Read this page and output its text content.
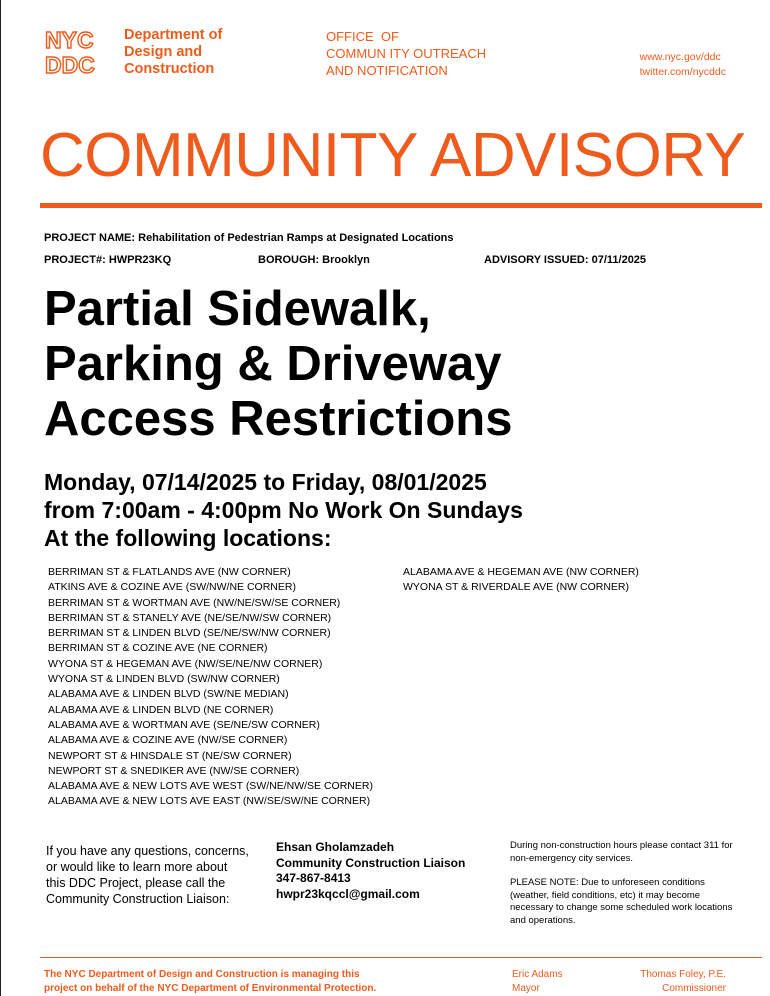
NYC
DDC
Department of
Design and
Construction
OFFICE  OF
COMMUN ITY OUTREACH
AND NOTIFICATION
www.nyc.gov/ddc
twitter.com/nycddc
COMMUNITY ADVISORY
PROJECT NAME: Rehabilitation of Pedestrian Ramps at Designated Locations
PROJECT#: HWPR23KQ	BOROUGH: Brooklyn	ADVISORY ISSUED: 07/11/2025
Partial Sidewalk,
Parking & Driveway
Access Restrictions
Monday, 07/14/2025 to Friday, 08/01/2025
from 7:00am - 4:00pm No Work On Sundays
At the following locations:
BERRIMAN ST & FLATLANDS AVE (NW CORNER)
ATKINS AVE & COZINE AVE (SW/NW/NE CORNER)
BERRIMAN ST & WORTMAN AVE (NW/NE/SW/SE CORNER)
BERRIMAN ST & STANELY AVE (NE/SE/NW/SW CORNER)
BERRIMAN ST & LINDEN BLVD (SE/NE/SW/NW CORNER)
BERRIMAN ST & COZINE AVE (NE CORNER)
WYONA ST & HEGEMAN AVE (NW/SE/NE/NW CORNER)
WYONA ST & LINDEN BLVD (SW/NW CORNER)
ALABAMA AVE & LINDEN BLVD (SW/NE MEDIAN)
ALABAMA AVE & LINDEN BLVD (NE CORNER)
ALABAMA AVE & WORTMAN AVE (SE/NE/SW CORNER)
ALABAMA AVE & COZINE AVE (NW/SE CORNER)
NEWPORT ST & HINSDALE ST (NE/SW CORNER)
NEWPORT ST & SNEDIKER AVE (NW/SE CORNER)
ALABAMA AVE & NEW LOTS AVE WEST (SW/NE/NW/SE CORNER)
ALABAMA AVE & NEW LOTS AVE EAST (NW/SE/SW/NE CORNER)
ALABAMA AVE & HEGEMAN AVE (NW CORNER)
WYONA ST & RIVERDALE AVE (NW CORNER)
If you have any questions, concerns,
or would like to learn more about
this DDC Project, please call the
Community Construction Liaison:
Ehsan Gholamzadeh
Community Construction Liaison
347-867-8413
hwpr23kqccl@gmail.com

During non-construction hours please contact 311 for non-emergency city services.

PLEASE NOTE: Due to unforeseen conditions (weather, field conditions, etc) it may become necessary to change some scheduled work locations and operations.

The NYC Department of Design and Construction is managing this
project on behalf of the NYC Department of Environmental Protection.
Eric Adams
Mayor
Thomas Foley, P.E.
Commissioner
